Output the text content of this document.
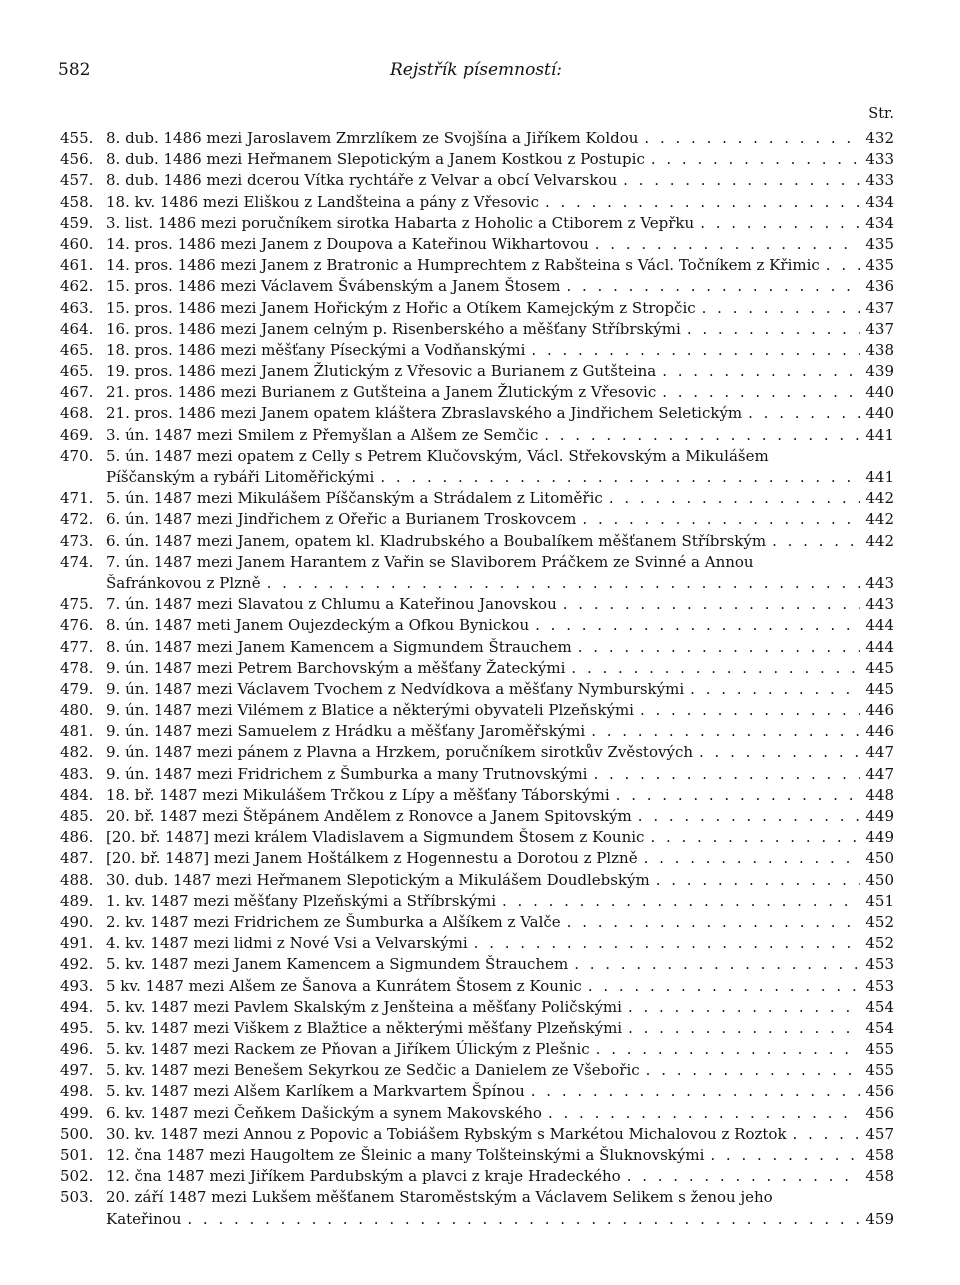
582	Rejstřík písemností:
Str.
455. 8. dub. 1486 mezi Jaroslavem Zmrzlíkem ze Svojšína a Jiříkem Koldou . . .	432
456. 8. dub. 1486 mezi Heřmanem Slepotickým a Janem Kostkou z Postupic . . .	433
457. 8. dub. 1486 mezi dcerou Vítka rychtáře z Velvar a obcí Velvarskou . . .	433
458. 18. kv. 1486 mezi Eliškou z Landšteina a pány z Vřesovic . . .	434
459. 3. list. 1486 mezi poručníkem sirotka Habarta z Hoholic a Ctiborem z Vepřku . . .	434
460. 14. pros. 1486 mezi Janem z Doupova a Kateřinou Wikhartovou . . .	435
461. 14. pros. 1486 mezi Janem z Bratronic a Humprechtem z Rabšteina s Václ. Točníkem z Křimic . . .	435
462. 15. pros. 1486 mezi Václavem Švábenským a Janem Štosem . . .	436
463. 15. pros. 1486 mezi Janem Hořickým z Hořic a Otíkem Kamejckým z Stropčic . . .	437
464. 16. pros. 1486 mezi Janem celným p. Risenberského a měšťany Stříbrskými . . .	437
465. 18. pros. 1486 mezi měšťany Píseckými a Vodňanskými . . .	438
465. 19. pros. 1486 mezi Janem Žlutickým z Vřesovic a Burianem z Gutšteina . . .	439
467. 21. pros. 1486 mezi Burianem z Gutšteina a Janem Žlutickým z Vřesovic . . .	440
468. 21. pros. 1486 mezi Janem opatem kláštera Zbraslavského a Jindřichem Seletickým . . .	440
469. 3. ún. 1487 mezi Smilem z Přemyšlan a Alšem ze Semčic . . .	441
470. 5. ún. 1487 mezi opatem z Celly s Petrem Klučovským, Václ. Střekovským a Mikulášem
Píščanským a rybáři Litoměřickými . . .	441
471. 5. ún. 1487 mezi Mikulášem Píščanským a Strádalem z Litoměřic . . .	442
472. 6. ún. 1487 mezi Jindřichem z Ořeřic a Burianem Troskovcem . . .	442
473. 6. ún. 1487 mezi Janem, opatem kl. Kladrubského a Boubalíkem měšťanem Stříbrským . . .	442
474. 7. ún. 1487 mezi Janem Harantem z Vařin se Slaviborem Práčkem ze Svinné a Annou
Šafránkovou z Plzně . . .	443
475. 7. ún. 1487 mezi Slavatou z Chlumu a Kateřinou Janovskou . . .	443
476. 8. ún. 1487 meti Janem Oujezdeckým a Ofkou Bynickou . . .	444
477. 8. ún. 1487 mezi Janem Kamencem a Sigmundem Štrauchem . . .	444
478. 9. ún. 1487 mezi Petrem Barchovským a měšťany Žateckými . . .	445
479. 9. ún. 1487 mezi Václavem Tvochem z Nedvídkova a měšťany Nymburskými . . .	445
480. 9. ún. 1487 mezi Vilémem z Blatice a některými obyvateli Plzeňskými . . .	446
481. 9. ún. 1487 mezi Samuelem z Hrádku a měšťany Jaroměřskými . . .	446
482. 9. ún. 1487 mezi pánem z Plavna a Hrzkem, poručníkem sirotkův Zvěstových . . .	447
483. 9. ún. 1487 mezi Fridrichem z Šumburka a many Trutnovskými . . .	447
484. 18. bř. 1487 mezi Mikulášem Trčkou z Lípy a měšťany Táborskými . . .	448
485. 20. bř. 1487 mezi Štěpánem Andělem z Ronovce a Janem Spitovským . . .	449
486. [20. bř. 1487] mezi králem Vladislavem a Sigmundem Štosem z Kounic . . .	449
487. [20. bř. 1487] mezi Janem Hoštálkem z Hogennestu a Dorotou z Plzně . . .	450
488. 30. dub. 1487 mezi Heřmanem Slepotickým a Mikulášem Doudlebským . . .	450
489. 1. kv. 1487 mezi měšťany Plzeňskými a Stříbrskými . . .	451
490. 2. kv. 1487 mezi Fridrichem ze Šumburka a Alšíkem z Valče . . .	452
491. 4. kv. 1487 mezi lidmi z Nové Vsi a Velvarskými . . .	452
492. 5. kv. 1487 mezi Janem Kamencem a Sigmundem Štrauchem . . .	453
493. 5 kv. 1487 mezi Alšem ze Šanova a Kunrátem Štosem z Kounic . . .	453
494. 5. kv. 1487 mezi Pavlem Skalským z Jenšteina a měšťany Poličskými . . .	454
495. 5. kv. 1487 mezi Viškem z Blažtice a některými měšťany Plzeňskými . . .	454
496. 5. kv. 1487 mezi Rackem ze Pňovan a Jiříkem Úlickým z Plešnic . . .	455
497. 5. kv. 1487 mezi Benešem Sekyrkou ze Sedčic a Danielem ze Všebořic . . .	455
498. 5. kv. 1487 mezi Alšem Karlíkem a Markvartem Špínou . . .	456
499. 6. kv. 1487 mezi Čeňkem Dašickým a synem Makovského . . .	456
500. 30. kv. 1487 mezi Annou z Popovic a Tobiášem Rybským s Markétou Michalovou z Roztok . . .	457
501. 12. čna 1487 mezi Haugoltem ze Šleinic a many Tolšteinskými a Šluknovskými . . .	458
502. 12. čna 1487 mezi Jiříkem Pardubským a plavci z kraje Hradeckého . . .	458
503. 20. září 1487 mezi Lukšem měšťanem Staroměstským a Václavem Selikem s ženou jeho
Kateřinou . . .	459
